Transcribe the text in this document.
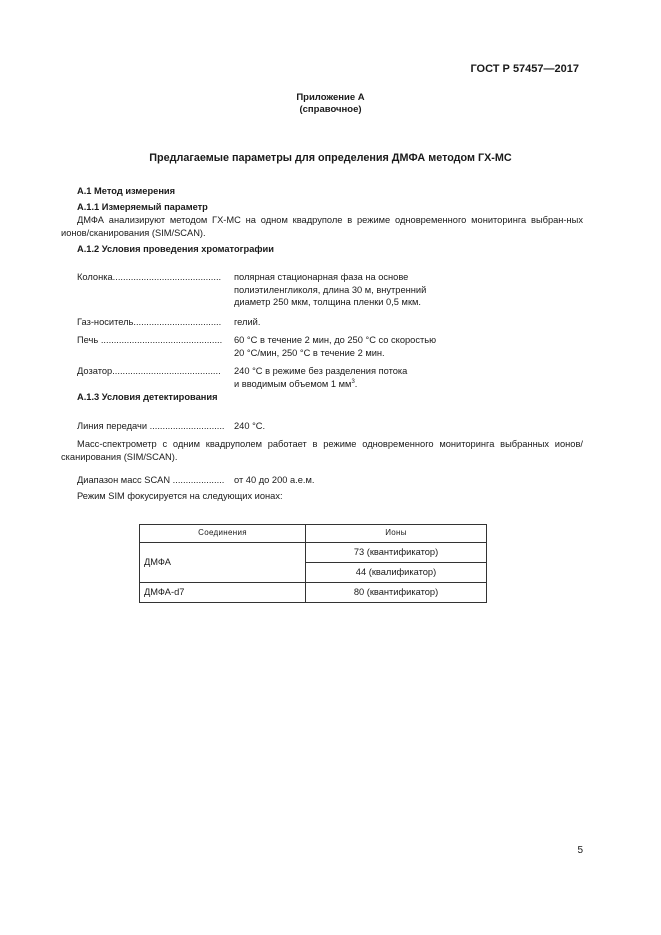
ГОСТ Р 57457—2017
Приложение А
(справочное)
Предлагаемые параметры для определения ДМФА методом ГХ-МС
А.1 Метод измерения
А.1.1 Измеряемый параметр
ДМФА анализируют методом ГХ-МС на одном квадруполе в режиме одновременного мониторинга выбран-ных ионов/сканирования (SIM/SCAN).
А.1.2 Условия проведения хроматографии
Колонка.......................................... полярная стационарная фаза на основе
полиэтиленгликоля, длина 30 м, внутренний
диаметр 250 мкм, толщина пленки 0,5 мкм.
Газ-носитель.................................. гелий.
Печь ............................................... 60 °С в течение 2 мин, до 250 °С со скоростью
20 °С/мин, 250 °С в течение 2 мин.
Дозатор.......................................... 240 °С в режиме без разделения потока
и вводимым объемом 1 $мм^3$.
А.1.3 Условия детектирования
Линия передачи ............................. 240 °С.
Масс-спектрометр с одним квадруполем работает в режиме одновременного мониторинга выбранных ионов/ сканирования (SIM/SCAN).
Диапазон масс SCAN .................... от 40 до 200 а.е.м.
Режим SIM фокусируется на следующих ионах:
Соединения	Ионы
ДМФА	73 (квантификатор)
	44 (квалификатор)
ДМФА-d7	80 (квантификатор)
5
